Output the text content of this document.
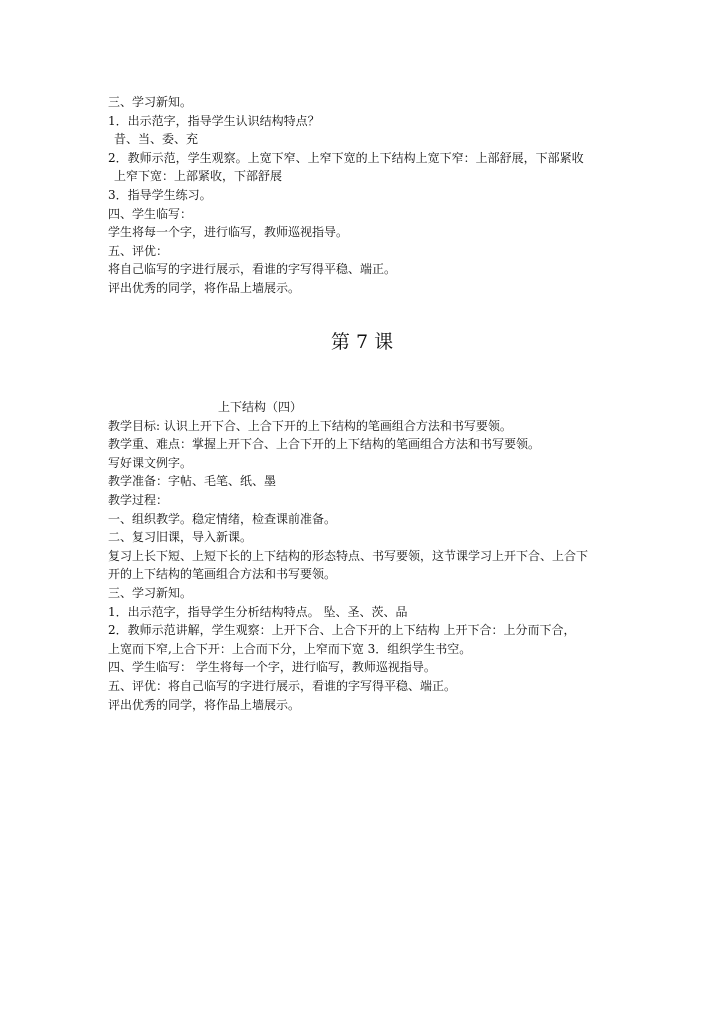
三、学习新知。
1．出示范字，指导学生认识结构特点？
昔、当、委、充
2．教师示范，学生观察。上宽下窄、上窄下宽的上下结构上宽下窄：上部舒展，下部紧收
上窄下宽：上部紧收，下部舒展
3．指导学生练习。
四、学生临写：
学生将每一个字，进行临写，教师巡视指导。
五、评优：
将自己临写的字进行展示，看谁的字写得平稳、端正。
评出优秀的同学，将作品上墙展示。
第 7 课
上下结构（四）
教学目标: 认识上开下合、上合下开的上下结构的笔画组合方法和书写要领。
教学重、难点：掌握上开下合、上合下开的上下结构的笔画组合方法和书写要领。
写好课文例字。
教学准备：字帖、毛笔、纸、墨
教学过程：
一、组织教学。稳定情绪，检查课前准备。
二、复习旧课，导入新课。
复习上长下短、上短下长的上下结构的形态特点、书写要领，这节课学习上开下合、上合下
开的上下结构的笔画组合方法和书写要领。
三、学习新知。
1．出示范字，指导学生分析结构特点。 坠、圣、茨、品
2．教师示范讲解，学生观察：上开下合、上合下开的上下结构 上开下合：上分而下合，
上宽而下窄,上合下开：上合而下分，上窄而下宽 3．组织学生书空。
四、学生临写： 学生将每一个字，进行临写，教师巡视指导。
五、评优：将自己临写的字进行展示，看谁的字写得平稳、端正。
评出优秀的同学，将作品上墙展示。
